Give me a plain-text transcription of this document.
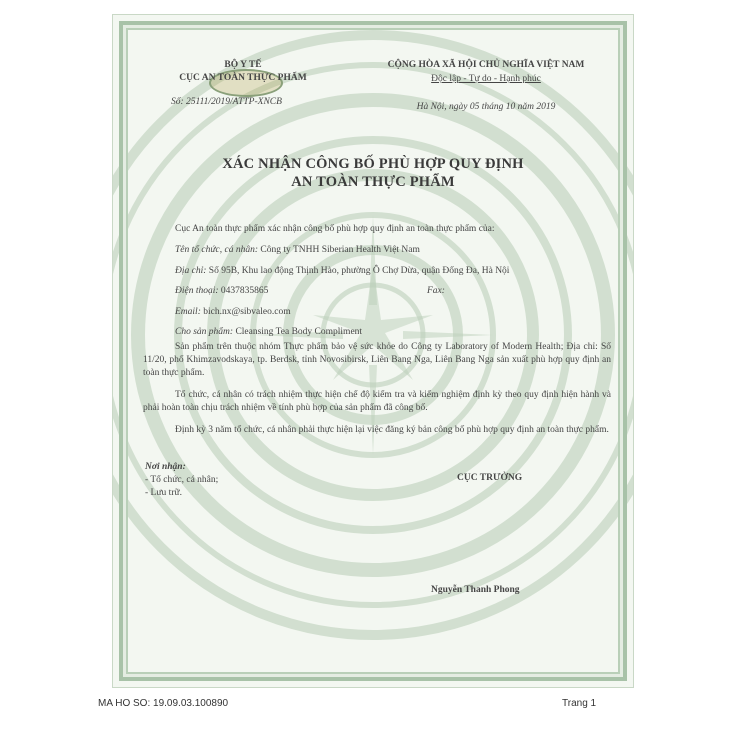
BỘ Y TẾ
CỤC AN TOÀN THỰC PHẨM
Số: 25111/2019/ATTP-XNCB
CỘNG HÒA XÃ HỘI CHỦ NGHĨA VIỆT NAM
Độc lập - Tự do - Hạnh phúc
Hà Nội, ngày 05 tháng 10 năm 2019
XÁC NHẬN CÔNG BỐ PHÙ HỢP QUY ĐỊNH
AN TOÀN THỰC PHẨM
Cục An toàn thực phẩm xác nhận công bố phù hợp quy định an toàn thực phẩm của:
Tên tổ chức, cá nhân: Công ty TNHH Siberian Health Việt Nam
Địa chỉ: Số 95B, Khu lao động Thịnh Hào, phường Ô Chợ Dừa, quận Đống Đa, Hà Nội
Điện thoại: 0437835865	Fax:
Email: bich.nx@sibvaleo.com
Cho sản phẩm: Cleansing Tea Body Compliment
Sản phẩm trên thuộc nhóm Thực phẩm bảo vệ sức khỏe do Công ty Laboratory of Modern Health; Địa chỉ: Số 11/20, phố Khimzavodskaya, tp. Berdsk, tỉnh Novosibirsk, Liên Bang Nga, Liên Bang Nga sản xuất phù hợp quy định an toàn thực phẩm.
Tổ chức, cá nhân có trách nhiệm thực hiện chế độ kiểm tra và kiểm nghiệm định kỳ theo quy định hiện hành và phải hoàn toàn chịu trách nhiệm về tính phù hợp của sản phẩm đã công bố.
Định kỳ 3 năm tổ chức, cá nhân phải thực hiện lại việc đăng ký bản công bố phù hợp quy định an toàn thực phẩm.
Nơi nhận:
- Tổ chức, cá nhân;
- Lưu trữ.
CỤC TRƯỞNG
Nguyễn Thanh Phong
MA HO SO: 19.09.03.100890	Trang 1
